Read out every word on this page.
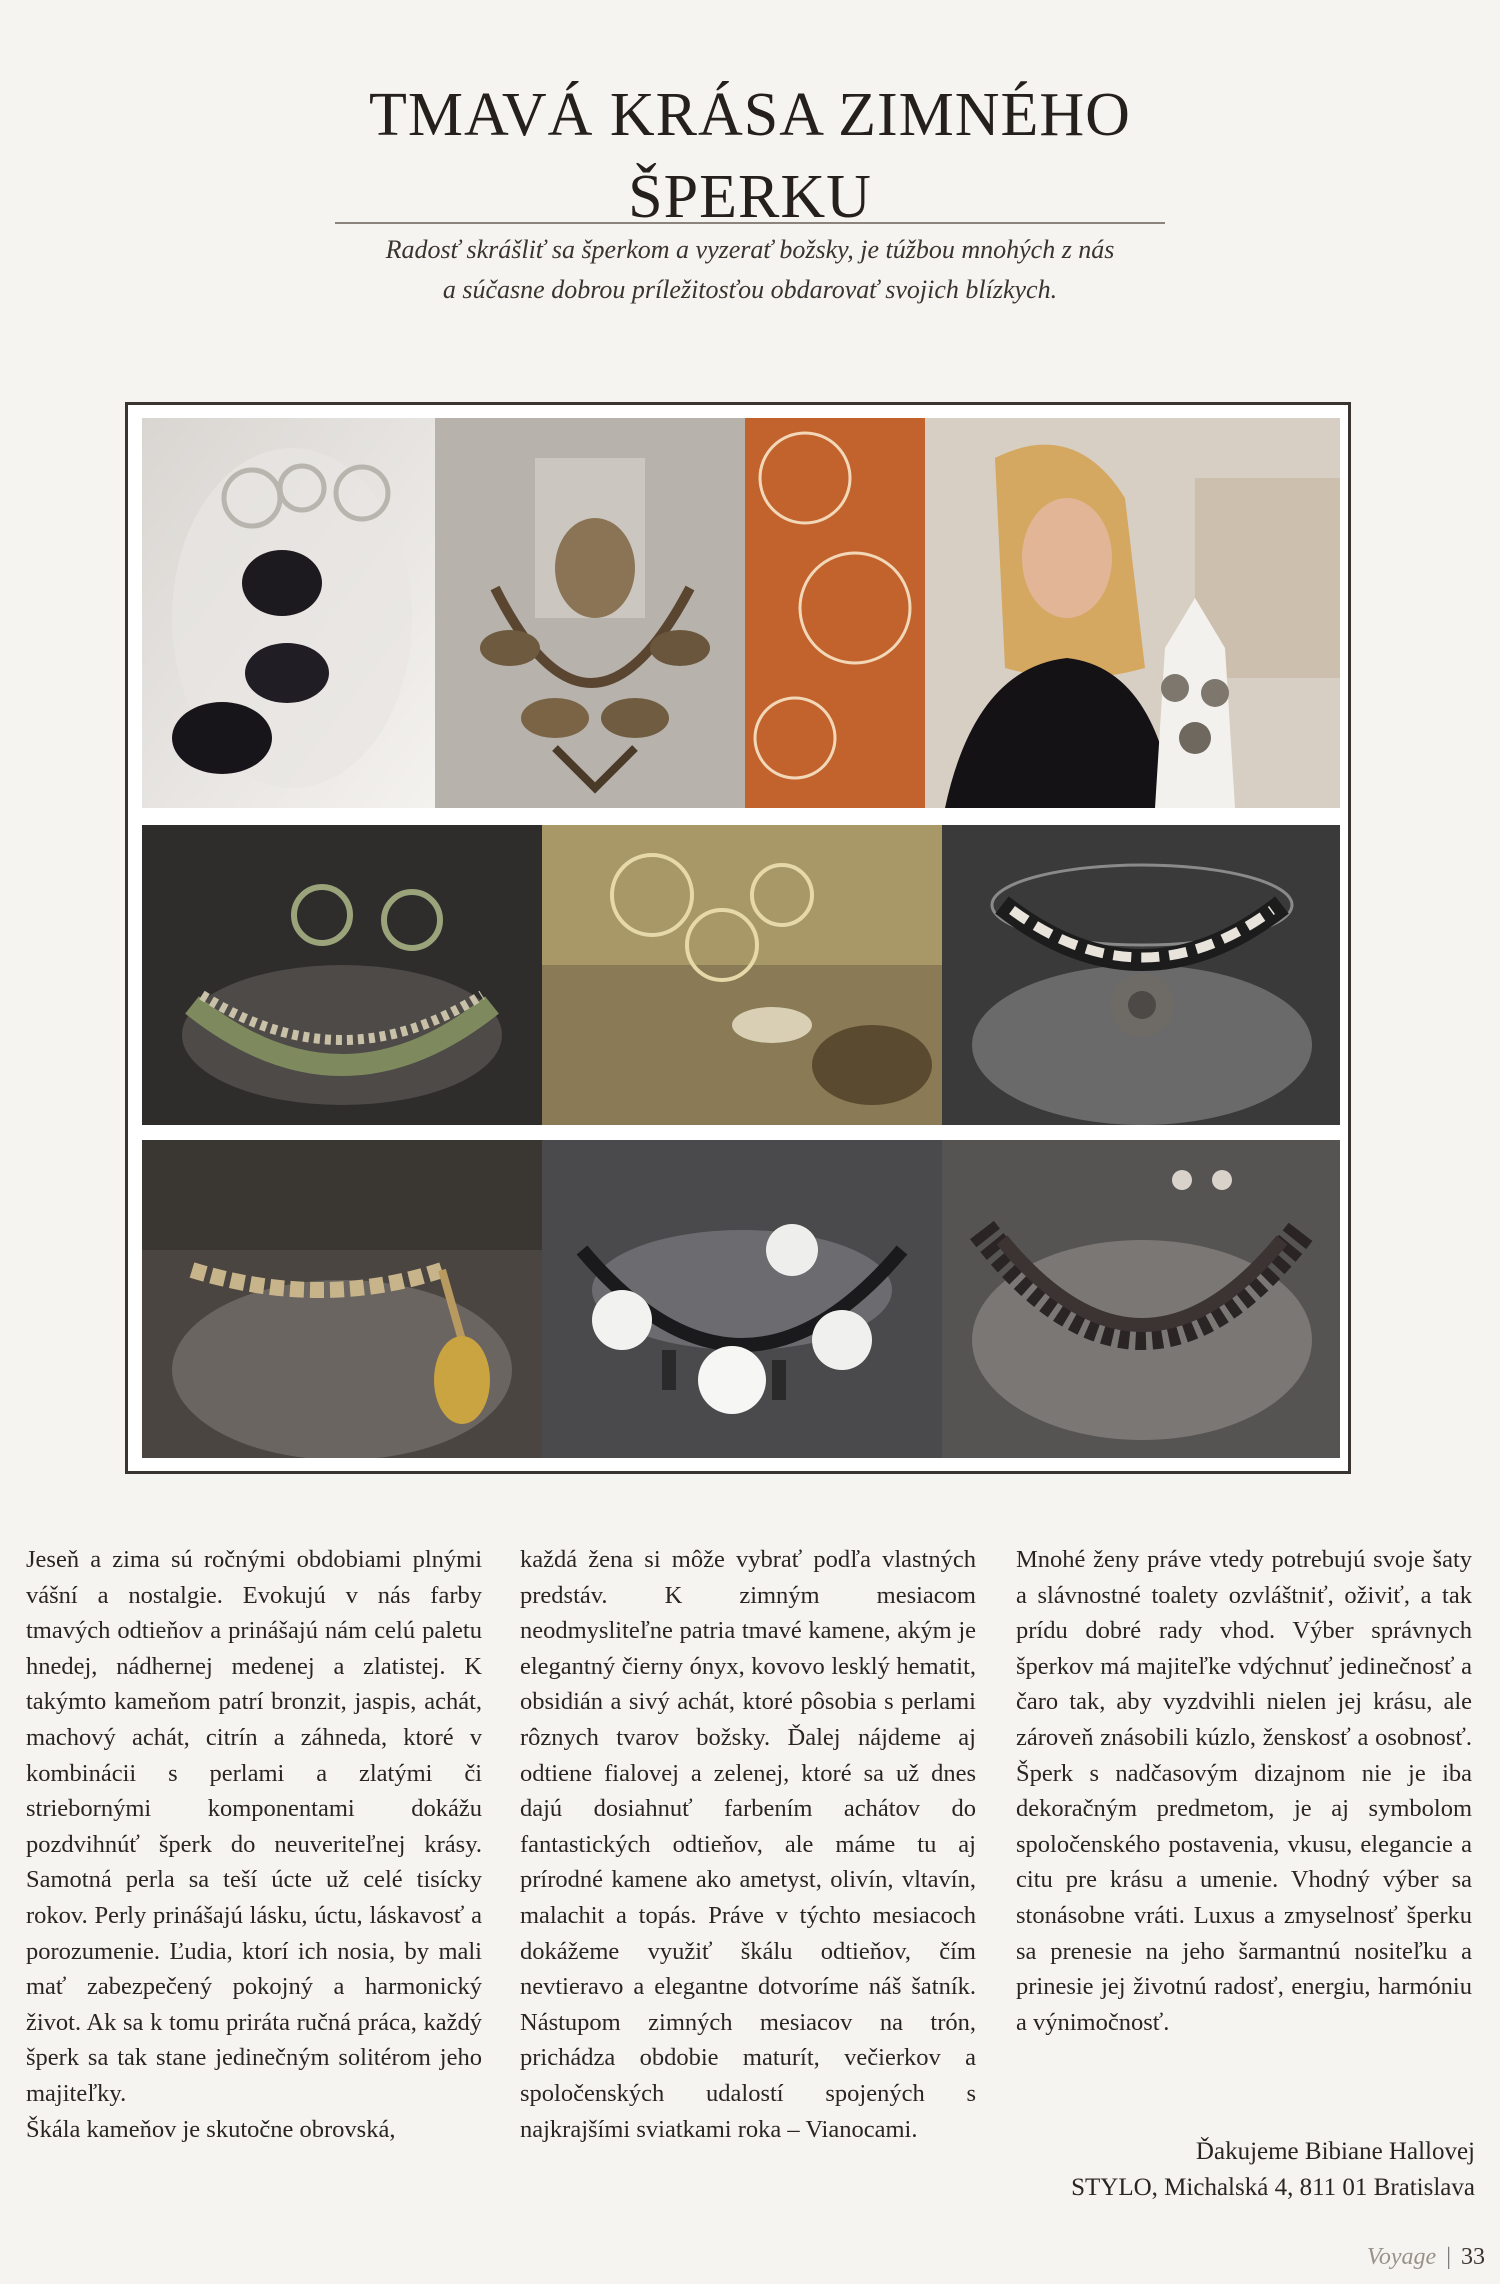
TMAVÁ KRÁSA ZIMNÉHO
ŠPERKU
Radosť skrášliť sa šperkom a vyzerať božsky, je túžbou mnohých z nás
a súčasne dobrou príležitosťou obdarovať svojich blízkych.

Jeseň a zima sú ročnými obdobiami plnými vášní a nostalgie. Evokujú v nás farby tmavých odtieňov a prinášajú nám celú paletu hnedej, nádhernej medenej a zlatistej. K takýmto kameňom patrí bronzit, jaspis, achát, machový achát, citrín a záhneda, ktoré v kombinácii s perlami a zlatými či striebornými komponentami dokážu pozdvihnúť šperk do neuveriteľnej krásy. Samotná perla sa teší úcte už celé tisícky rokov. Perly prinášajú lásku, úctu, láskavosť a porozumenie. Ľudia, ktorí ich nosia, by mali mať zabezpečený pokojný a harmonický život. Ak sa k tomu prirátа ručná práca, každý šperk sa tak stane jedinečným solitérom jeho majiteľky.

Škála kameňov je skutočne obrovská,

každá žena si môže vybrať podľa vlastných predstáv. K zimným mesiacom neodmysliteľne patria tmavé kamene, akým je elegantný čierny ónyx, kovovo lesklý hematit, obsidián a sivý achát, ktoré pôsobia s perlami rôznych tvarov božsky. Ďalej nájdeme aj odtiene fialovej a zelenej, ktoré sa už dnes dajú dosiahnuť farbením achátov do fantastických odtieňov, ale máme tu aj prírodné kamene ako ametyst, olivín, vltavín, malachit a topás. Práve v týchto mesiacoch dokážeme využiť škálu odtieňov, čím nevtieravo a elegantne dotvoríme náš šatník. Nástupom zimných mesiacov na trón, prichádza obdobie maturít, večierkov a spoločenských udalostí spojených s najkrajšími sviatkami roka – Vianocami.

Mnohé ženy práve vtedy potrebujú svoje šaty a slávnostné toalety ozvláštniť, oživiť, a tak prídu dobré rady vhod. Výber správnych šperkov má majiteľke vdýchnuť jedinečnosť a čaro tak, aby vyzdvihli nielen jej krásu, ale zároveň znásobili kúzlo, ženskosť a osobnosť. Šperk s nadčasovým dizajnom nie je iba dekoračným predmetom, je aj symbolom spoločenského postavenia, vkusu, elegancie a citu pre krásu a umenie. Vhodný výber sa stonásobne vráti. Luxus a zmyselnosť šperku sa prenesie na jeho šarmantnú nositeľku a prinesie jej životnú radosť, energiu, harmóniu a výnimočnosť.

Ďakujeme Bibiane Hallovej
STYLO, Michalská 4, 811 01 Bratislava
Voyage | 33
